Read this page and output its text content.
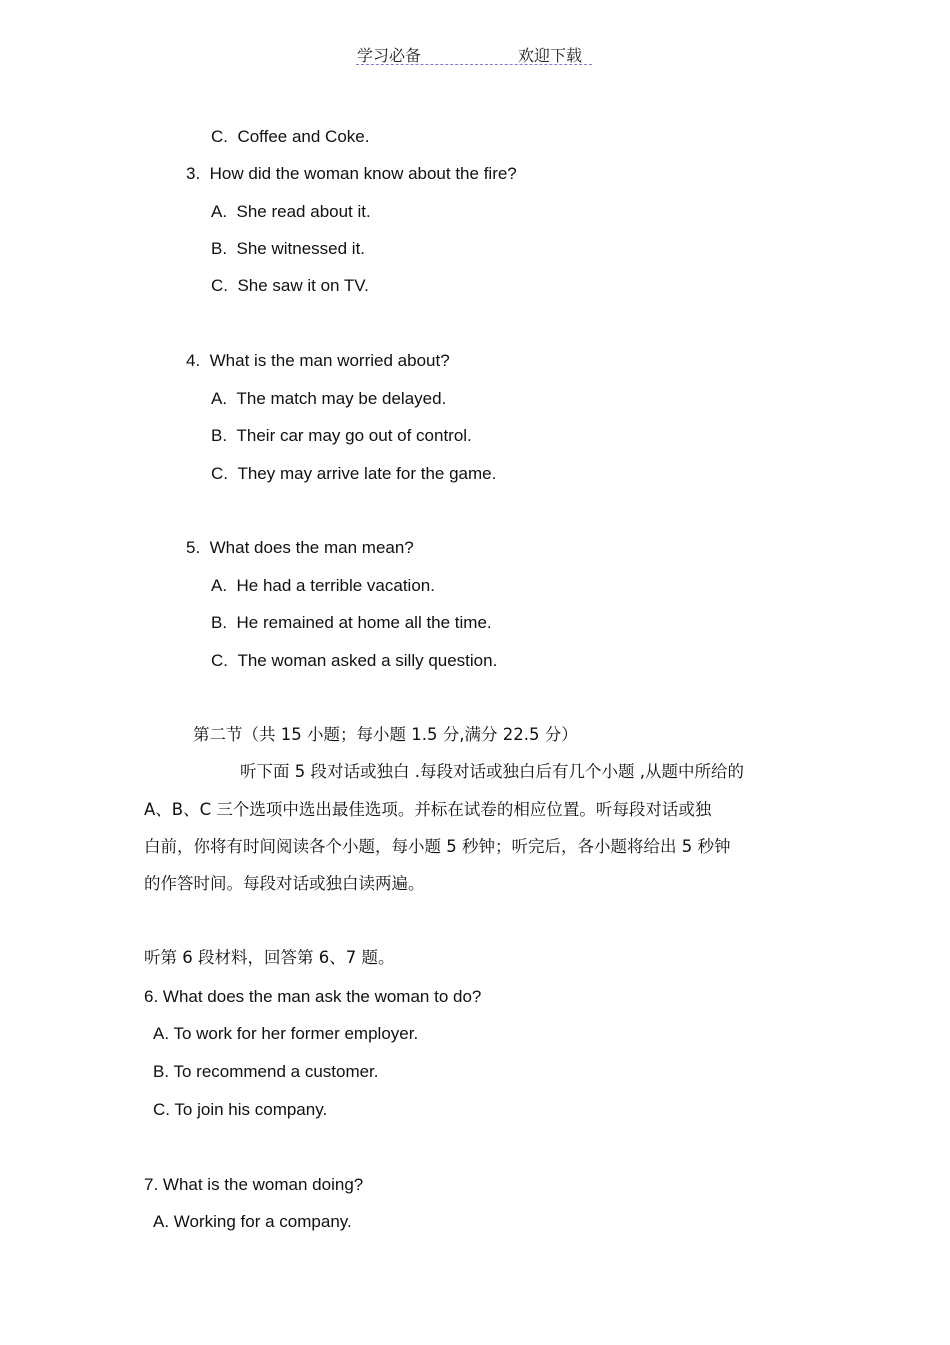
学习必备	欢迎下载
C. Coffee and Coke.
3. How did the woman know about the fire?
A. She read about it.
B. She witnessed it.
C. She saw it on TV.
4. What is the man worried about?
A. The match may be delayed.
B. Their car may go out of control.
C. They may arrive late for the game.
5. What does the man mean?
A. He had a terrible vacation.
B. He remained at home all the time.
C. The woman asked a silly question.
第二节（共 15 小题；每小题 1.5 分,满分 22.5 分）
听下面 5 段对话或独白 .每段对话或独白后有几个小题 ,从题中所给的
A、B、C 三个选项中选出最佳选项。并标在试卷的相应位置。听每段对话或独
白前，你将有时间阅读各个小题，每小题 5 秒钟；听完后，各小题将给出 5 秒钟
的作答时间。每段对话或独白读两遍。
听第 6 段材料，回答第 6、7 题。
6. What does the man ask the woman to do?
A. To work for her former employer.
B. To recommend a customer.
C. To join his company.
7. What is the woman doing?
A. Working for a company.
